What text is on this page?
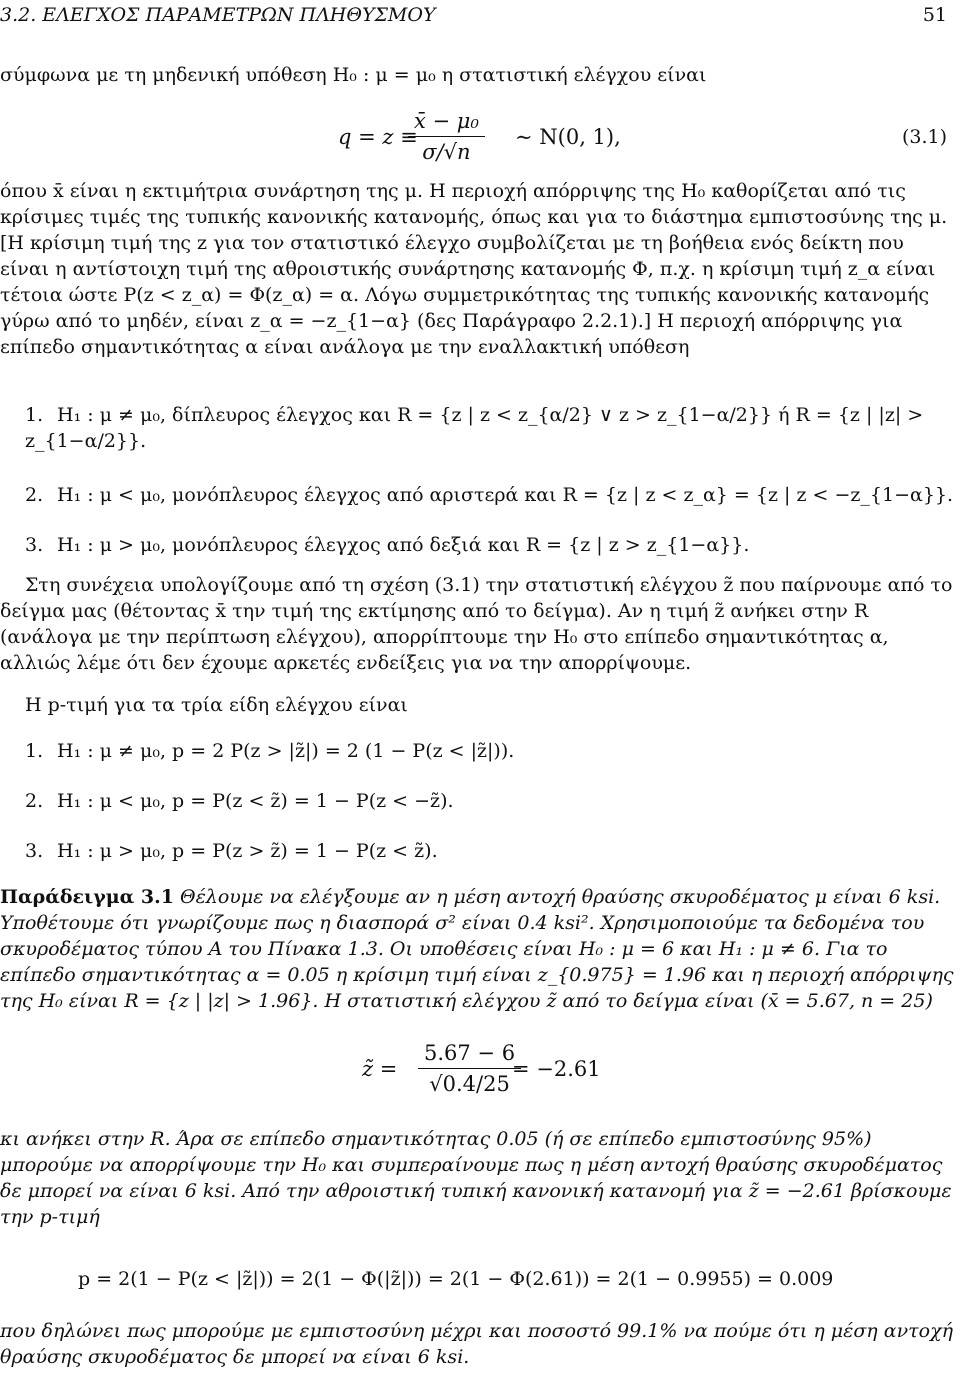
3.2. ΕΛΕΓΧΟΣ ΠΑΡΑΜΕΤΡΩΝ ΠΛΗΘΥΣΜΟΥ	51

σύμφωνα με τη μηδενική υπόθεση H₀ : μ = μ₀ η στατιστική ελέγχου είναι

q = z ≡
$\frac{\text{x̄ − μ₀}}{\sigma/√n}$ ∼ N(0, 1),	(3.1)

όπου x̄ είναι η εκτιμήτρια συνάρτηση της μ. Η περιοχή απόρριψης της H₀ καθορίζεται από τις κρίσιμες τιμές της τυπικής κανονικής κατανομής, όπως και για το διάστημα εμπιστοσύνης της μ. [Η κρίσιμη τιμή της z για τον στατιστικό έλεγχο συμβολίζεται με τη βοήθεια ενός δείκτη που είναι η αντίστοιχη τιμή της αθροιστικής συνάρτησης κατανομής Φ, π.χ. η κρίσιμη τιμή z_α είναι τέτοια ώστε P(z < z_α) = Φ(z_α) = α. Λόγω συμμετρικότητας της τυπικής κανονικής κατανομής γύρω από το μηδέν, είναι z_α = −z_{1−α} (δες Παράγραφο 2.2.1).] Η περιοχή απόρριψης για επίπεδο σημαντικότητας α είναι ανάλογα με την εναλλακτική υπόθεση

1. H₁ : μ ≠ μ₀, δίπλευρος έλεγχος και R = {z | z < z_{α/2} ∨ z > z_{1−α/2}} ή R = {z | |z| > z_{1−α/2}}.
2. H₁ : μ < μ₀, μονόπλευρος έλεγχος από αριστερά και R = {z | z < z_α} = {z | z < −z_{1−α}}.
3. H₁ : μ > μ₀, μονόπλευρος έλεγχος από δεξιά και R = {z | z > z_{1−α}}.

Στη συνέχεια υπολογίζουμε από τη σχέση (3.1) την στατιστική ελέγχου z̃ που παίρνουμε από το δείγμα μας (θέτοντας x̄ την τιμή της εκτίμησης από το δείγμα). Αν η τιμή z̃ ανήκει στην R (ανάλογα με την περίπτωση ελέγχου), απορρίπτουμε την H₀ στο επίπεδο σημαντικότητας α, αλλιώς λέμε ότι δεν έχουμε αρκετές ενδείξεις για να την απορρίψουμε.

Η p-τιμή για τα τρία είδη ελέγχου είναι

1. H₁ : μ ≠ μ₀, p = 2 P(z > |z̃|) = 2 (1 − P(z < |z̃|)).
2. H₁ : μ < μ₀, p = P(z < z̃) = 1 − P(z < −z̃).
3. H₁ : μ > μ₀, p = P(z > z̃) = 1 − P(z < z̃).

Παράδειγμα 3.1 Θέλουμε να ελέγξουμε αν η μέση αντοχή θραύσης σκυροδέματος μ είναι 6 ksi. Υποθέτουμε ότι γνωρίζουμε πως η διασπορά σ² είναι 0.4 ksi². Χρησιμοποιούμε τα δεδομένα του σκυροδέματος τύπου A του Πίνακα 1.3. Οι υποθέσεις είναι H₀ : μ = 6 και H₁ : μ ≠ 6. Για το επίπεδο σημαντικότητας α = 0.05 η κρίσιμη τιμή είναι z_{0.975} = 1.96 και η περιοχή απόρριψης της H₀ είναι R = {z | |z| > 1.96}. Η στατιστική ελέγχου z̃ από το δείγμα είναι (x̄ = 5.67, n = 25)

z̃ = $\frac{5.67 - 6}{√0.4/25}$
= −2.61

κι ανήκει στην R. Άρα σε επίπεδο σημαντικότητας 0.05 (ή σε επίπεδο εμπιστοσύνης 95%) μπορούμε να απορρίψουμε την H₀ και συμπεραίνουμε πως η μέση αντοχή θραύσης σκυροδέματος δε μπορεί να είναι 6 ksi. Από την αθροιστική τυπική κανονική κατανομή για z̃ = −2.61 βρίσκουμε την p-τιμή

p = 2(1 − P(z < |z̃|)) = 2(1 − Φ(|z̃|)) = 2(1 − Φ(2.61)) = 2(1 − 0.9955) = 0.009

που δηλώνει πως μπορούμε με εμπιστοσύνη μέχρι και ποσοστό 99.1% να πούμε ότι η μέση αντοχή θραύσης σκυροδέματος δε μπορεί να είναι 6 ksi.
